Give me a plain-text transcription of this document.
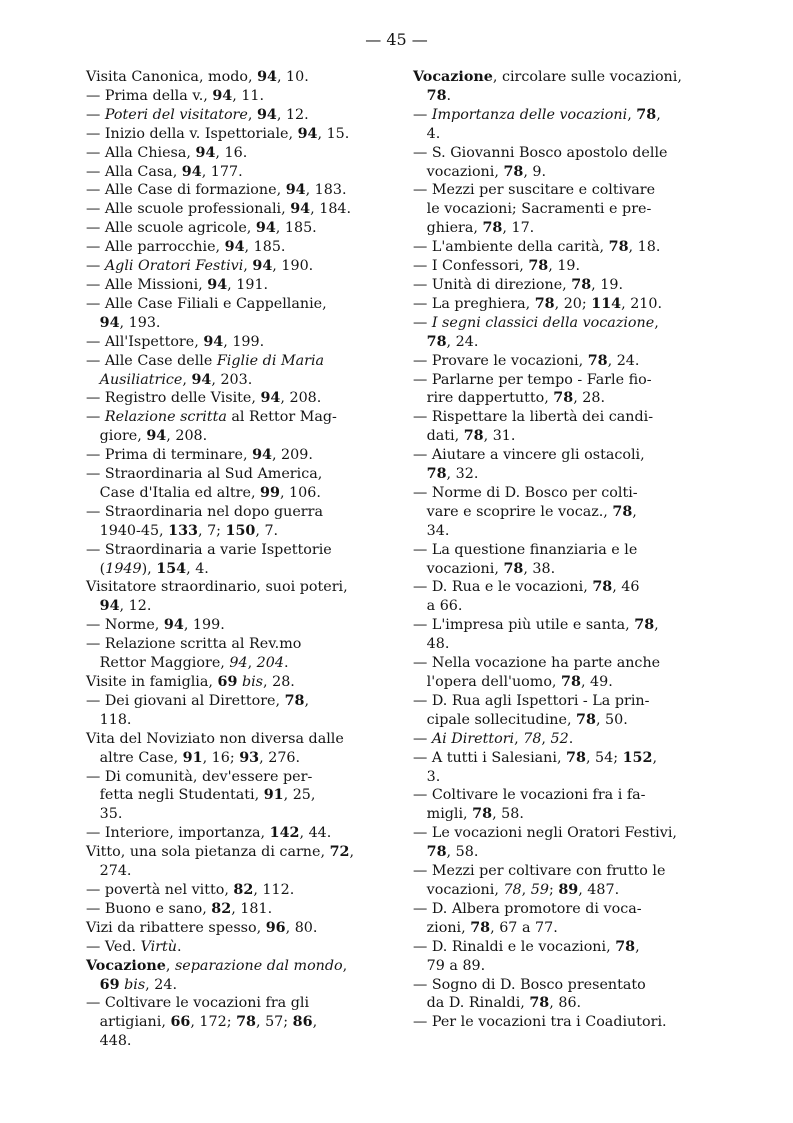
— 45 —
Visita Canonica, modo, 94, 10.
— Prima della v., 94, 11.
— Poteri del visitatore, 94, 12.
— Inizio della v. Ispettoriale, 94, 15.
— Alla Chiesa, 94, 16.
— Alla Casa, 94, 177.
— Alle Case di formazione, 94, 183.
— Alle scuole professionali, 94, 184.
— Alle scuole agricole, 94, 185.
— Alle parrocchie, 94, 185.
— Agli Oratori Festivi, 94, 190.
— Alle Missioni, 94, 191.
— Alle Case Filiali e Cappellanie,
94, 193.
— All'Ispettore, 94, 199.
— Alle Case delle Figlie di Maria
Ausiliatrice, 94, 203.
— Registro delle Visite, 94, 208.
— Relazione scritta al Rettor Mag-
giore, 94, 208.
— Prima di terminare, 94, 209.
— Straordinaria al Sud America,
Case d'Italia ed altre, 99, 106.
— Straordinaria nel dopo guerra
1940-45, 133, 7; 150, 7.
— Straordinaria a varie Ispettorie
(1949), 154, 4.
Visitatore straordinario, suoi poteri,
94, 12.
— Norme, 94, 199.
— Relazione scritta al Rev.mo
Rettor Maggiore, 94, 204.
Visite in famiglia, 69 bis, 28.
— Dei giovani al Direttore, 78,
118.
Vita del Noviziato non diversa dalle
altre Case, 91, 16; 93, 276.
— Di comunità, dev'essere per-
fetta negli Studentati, 91, 25,
35.
— Interiore, importanza, 142, 44.
Vitto, una sola pietanza di carne, 72,
274.
— povertà nel vitto, 82, 112.
— Buono e sano, 82, 181.
Vizi da ribattere spesso, 96, 80.
— Ved. Virtù.
Vocazione, separazione dal mondo,
69 bis, 24.
— Coltivare le vocazioni fra gli
artigiani, 66, 172; 78, 57; 86,
448.
Vocazione, circolare sulle vocazioni,
78.
— Importanza delle vocazioni, 78,
4.
— S. Giovanni Bosco apostolo delle
vocazioni, 78, 9.
— Mezzi per suscitare e coltivare
le vocazioni; Sacramenti e pre-
ghiera, 78, 17.
— L'ambiente della carità, 78, 18.
— I Confessori, 78, 19.
— Unità di direzione, 78, 19.
— La preghiera, 78, 20; 114, 210.
— I segni classici della vocazione,
78, 24.
— Provare le vocazioni, 78, 24.
— Parlarne per tempo - Farle fio-
rire dappertutto, 78, 28.
— Rispettare la libertà dei candi-
dati, 78, 31.
— Aiutare a vincere gli ostacoli,
78, 32.
— Norme di D. Bosco per colti-
vare e scoprire le vocaz., 78,
34.
— La questione finanziaria e le
vocazioni, 78, 38.
— D. Rua e le vocazioni, 78, 46
a 66.
— L'impresa più utile e santa, 78,
48.
— Nella vocazione ha parte anche
l'opera dell'uomo, 78, 49.
— D. Rua agli Ispettori - La prin-
cipale sollecitudine, 78, 50.
— Ai Direttori, 78, 52.
— A tutti i Salesiani, 78, 54; 152,
3.
— Coltivare le vocazioni fra i fa-
migli, 78, 58.
— Le vocazioni negli Oratori Festivi,
78, 58.
— Mezzi per coltivare con frutto le
vocazioni, 78, 59; 89, 487.
— D. Albera promotore di voca-
zioni, 78, 67 a 77.
— D. Rinaldi e le vocazioni, 78,
79 a 89.
— Sogno di D. Bosco presentato
da D. Rinaldi, 78, 86.
— Per le vocazioni tra i Coadiutori.
